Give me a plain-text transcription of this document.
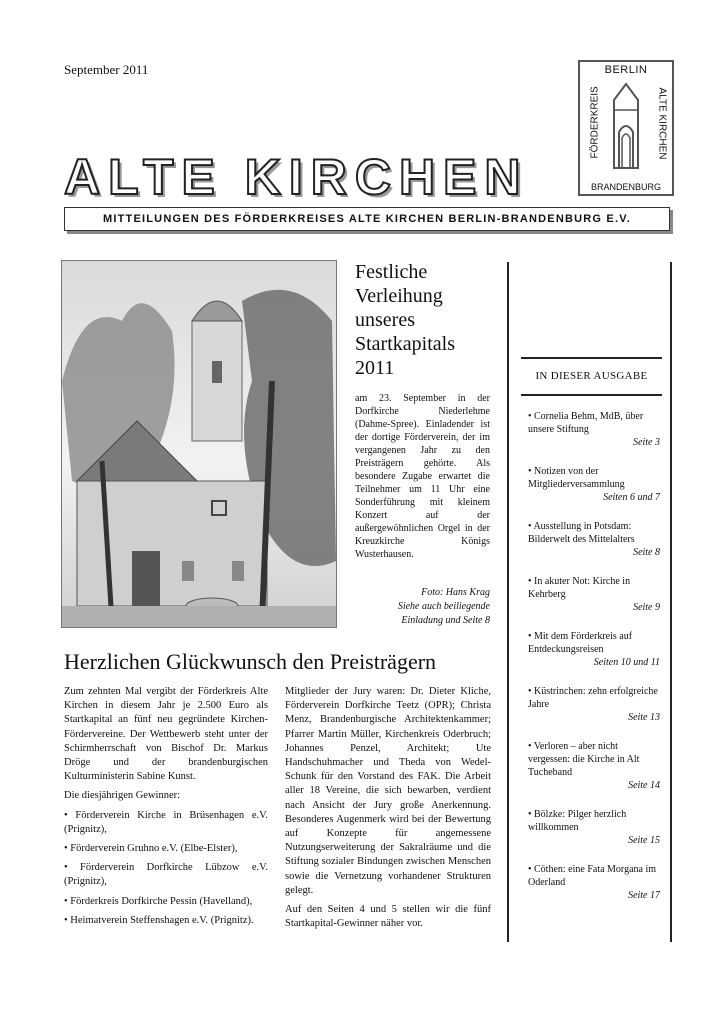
September 2011	BERLIN
FÖRDERKREIS	ALTE KIRCHEN
BRANDENBURG
ALTE KIRCHEN
MITTEILUNGEN DES FÖRDERKREISES ALTE KIRCHEN BERLIN-BRANDENBURG E.V.
Festliche Verleihung unseres Startkapitals 2011
am 23. September in der Dorfkirche Niederlehme (Dahme-Spree). Einladender ist der dortige Förderverein, der im vergangenen Jahr zu den Preisträgern gehörte. Als besondere Zugabe erwartet die Teilnehmer um 11 Uhr eine Sonderführung mit kleinem Konzert auf der außergewöhnlichen Orgel in der Kreuzkirche Königs Wusterhausen.
Foto: Hans Krag
Siehe auch beiliegende Einladung und Seite 8
IN DIESER AUSGABE
• Cornelia Behm, MdB, über unsere Stiftung
Seite 3
• Notizen von der Mitgliederversammlung
Seiten 6 und 7
• Ausstellung in Potsdam: Bilderwelt des Mittelalters
Seite 8
• In akuter Not: Kirche in Kehrberg
Seite 9
• Mit dem Förderkreis auf Entdeckungsreisen
Seiten 10 und 11
• Küstrinchen: zehn erfolgreiche Jahre
Seite 13
• Verloren – aber nicht vergessen: die Kirche in Alt Tucheband
Seite 14
• Bölzke: Pilger herzlich willkommen
Seite 15
• Cöthen: eine Fata Morgana im Oderland
Seite 17
Herzlichen Glückwunsch den Preisträgern

Zum zehnten Mal vergibt der Förderkreis Alte Kirchen in diesem Jahr je 2.500 Euro als Startkapital an fünf neu gegründete Kirchen-Fördervereine. Der Wettbewerb steht unter der Schirmherrschaft von Bischof Dr. Markus Dröge und der brandenburgischen Kulturministerin Sabine Kunst.

Die diesjährigen Gewinner:

• Förderverein Kirche in Brüsenhagen e.V. (Prignitz),
• Förderverein Gruhno e.V. (Elbe-Elster),
• Förderverein Dorfkirche Lübzow e.V. (Prignitz),
• Förderkreis Dorfkirche Pessin (Havelland),
• Heimatverein Steffenshagen e.V. (Prignitz).

Mitglieder der Jury waren: Dr. Dieter Kliche, Förderverein Dorfkirche Teetz (OPR); Christa Menz, Brandenburgische Architektenkammer; Pfarrer Martin Müller, Kirchenkreis Oderbruch; Johannes Penzel, Architekt; Ute Handschuhmacher und Theda von Wedel-Schunk für den Vorstand des FAK. Die Arbeit aller 18 Vereine, die sich bewarben, verdient nach Ansicht der Jury große Anerkennung. Besonderes Augenmerk wird bei der Bewertung auf Konzepte für angemessene Nutzungserweiterung der Sakralräume und die Stiftung sozialer Bindungen zwischen Menschen sowie die Vernetzung vorhandener Strukturen gelegt.

Auf den Seiten 4 und 5 stellen wir die fünf Startkapital-Gewinner näher vor.
